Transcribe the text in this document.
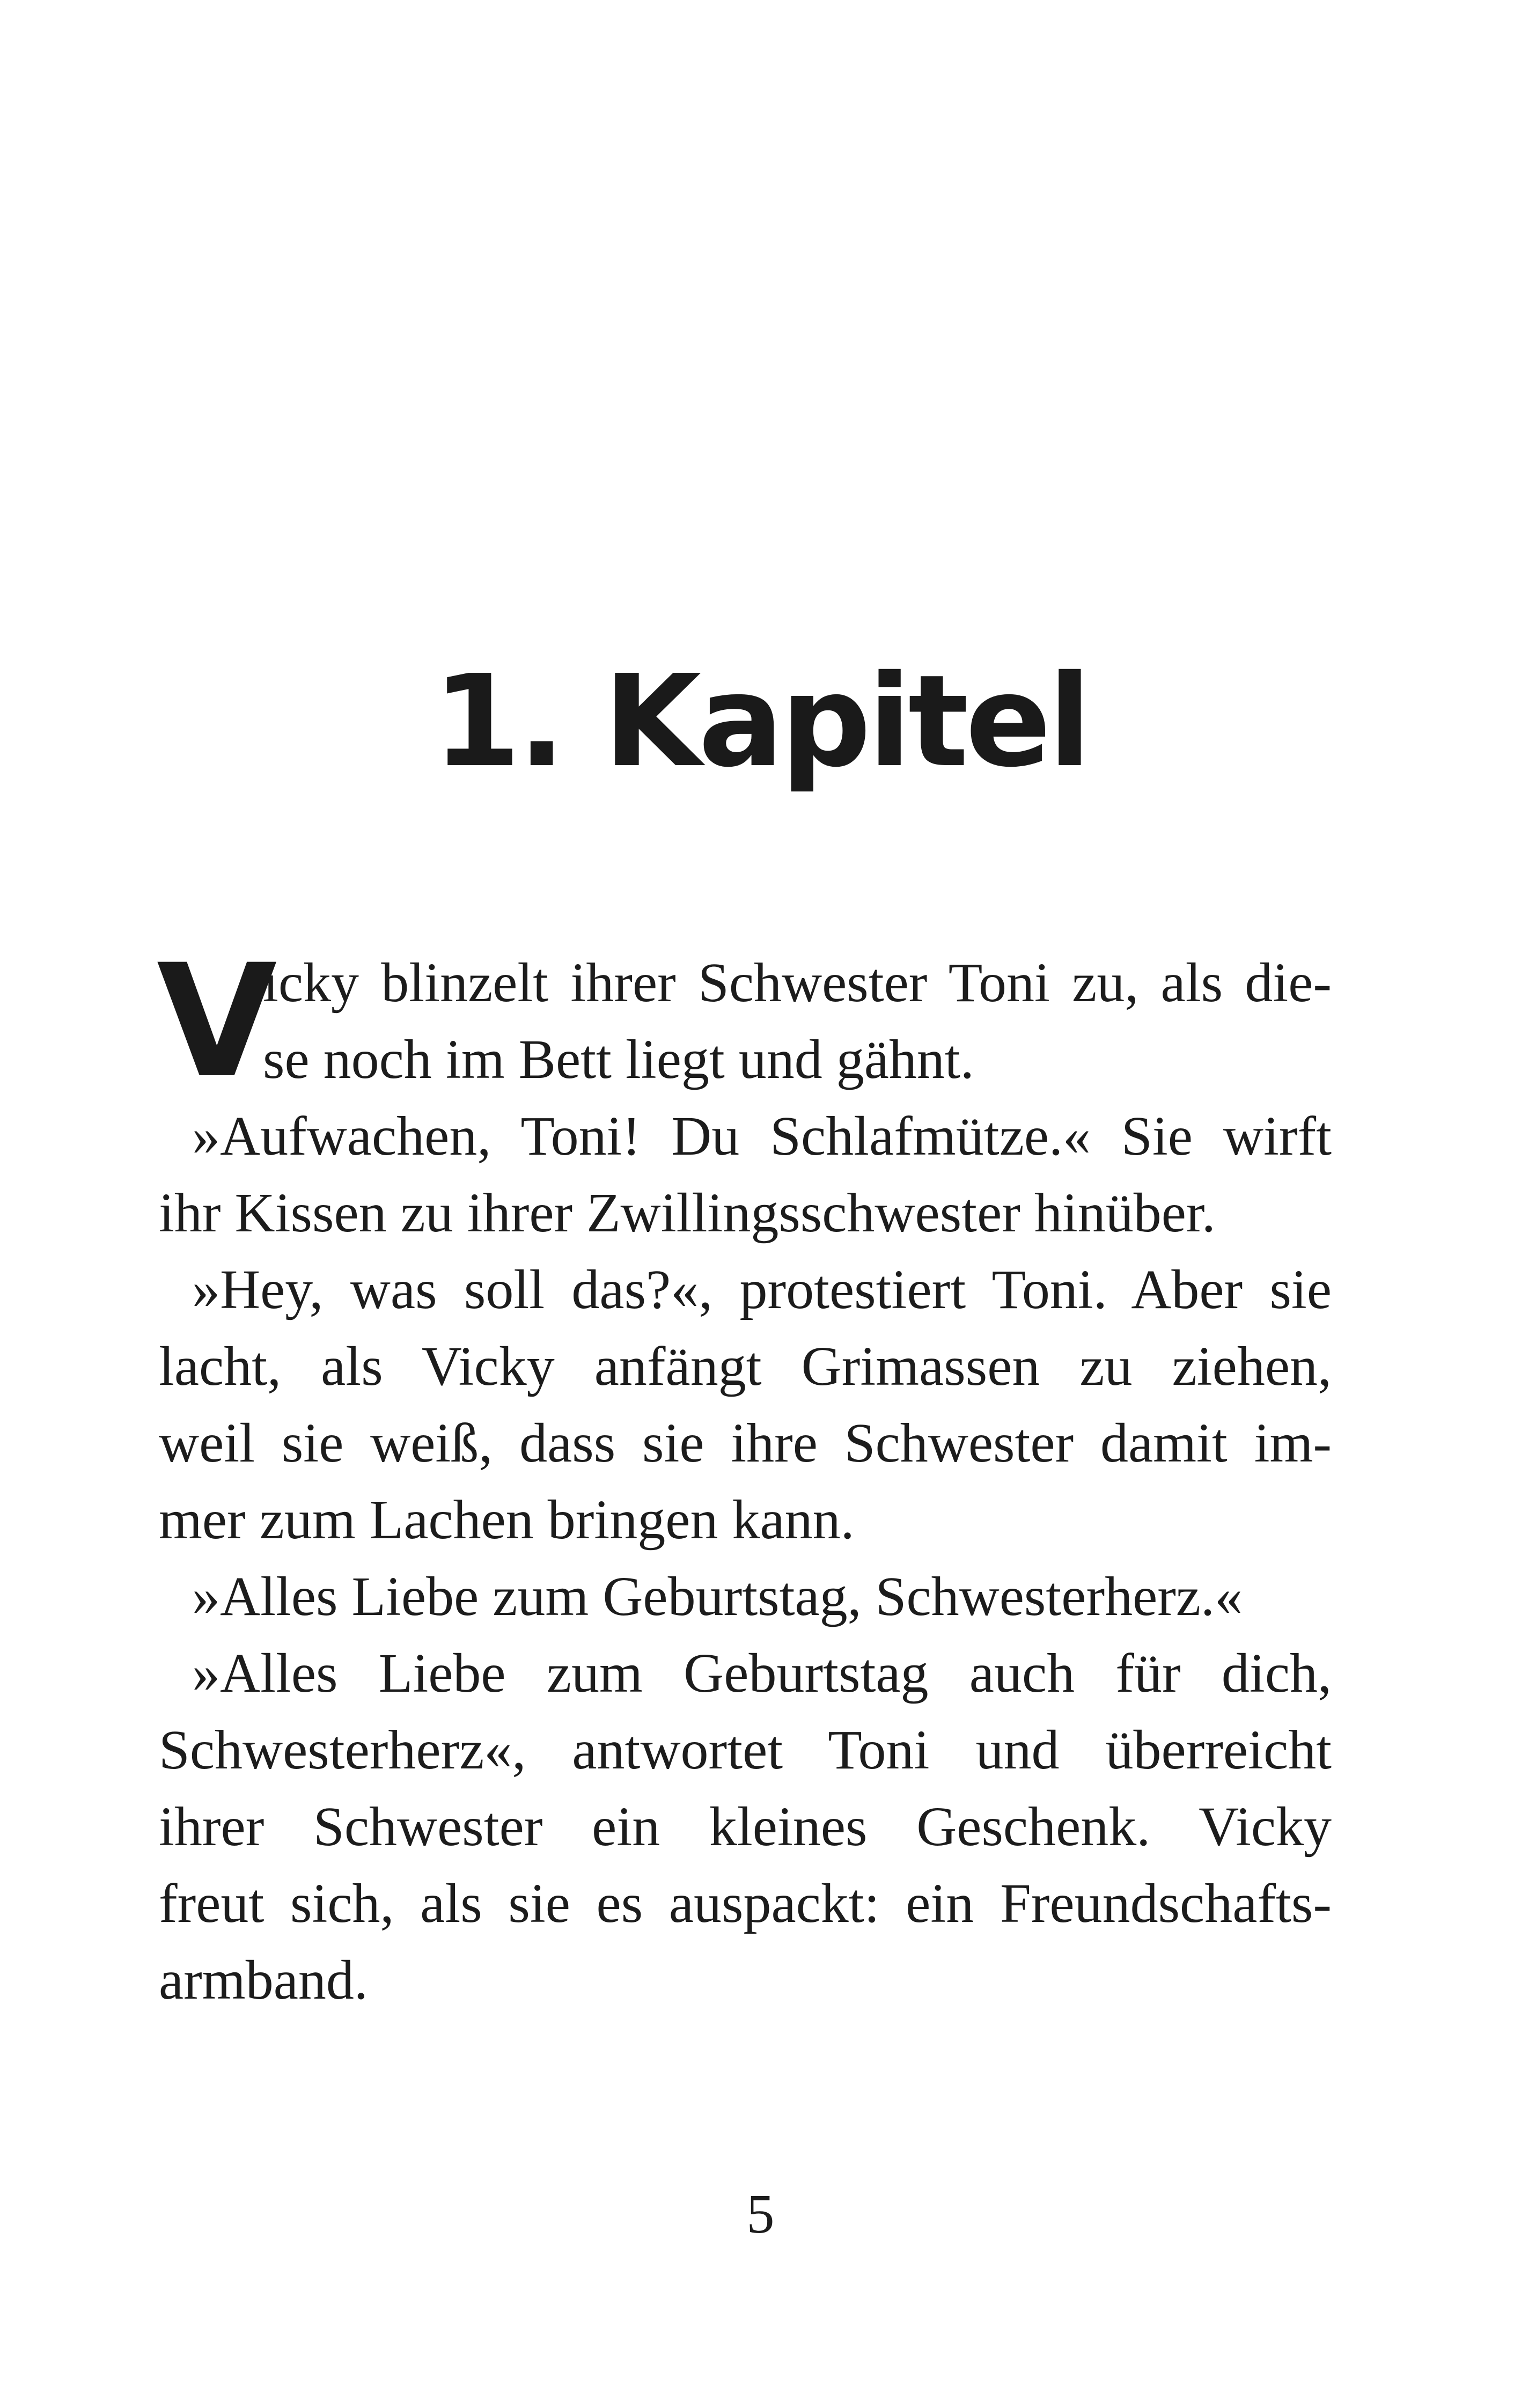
1. Kapitel
V
icky blinzelt ihrer Schwester Toni zu, als die-
se noch im Bett liegt und gähnt.
»Aufwachen, Toni! Du Schlafmütze.« Sie wirft
ihr Kissen zu ihrer Zwillingsschwester hinüber.
»Hey, was soll das?«, protestiert Toni. Aber sie
lacht, als Vicky anfängt Grimassen zu ziehen,
weil sie weiß, dass sie ihre Schwester damit im-
mer zum Lachen bringen kann.
»Alles Liebe zum Geburtstag, Schwesterherz.«
»Alles Liebe zum Geburtstag auch für dich,
Schwesterherz«, antwortet Toni und überreicht
ihrer Schwester ein kleines Geschenk. Vicky
freut sich, als sie es auspackt: ein Freundschafts-
armband.
5
